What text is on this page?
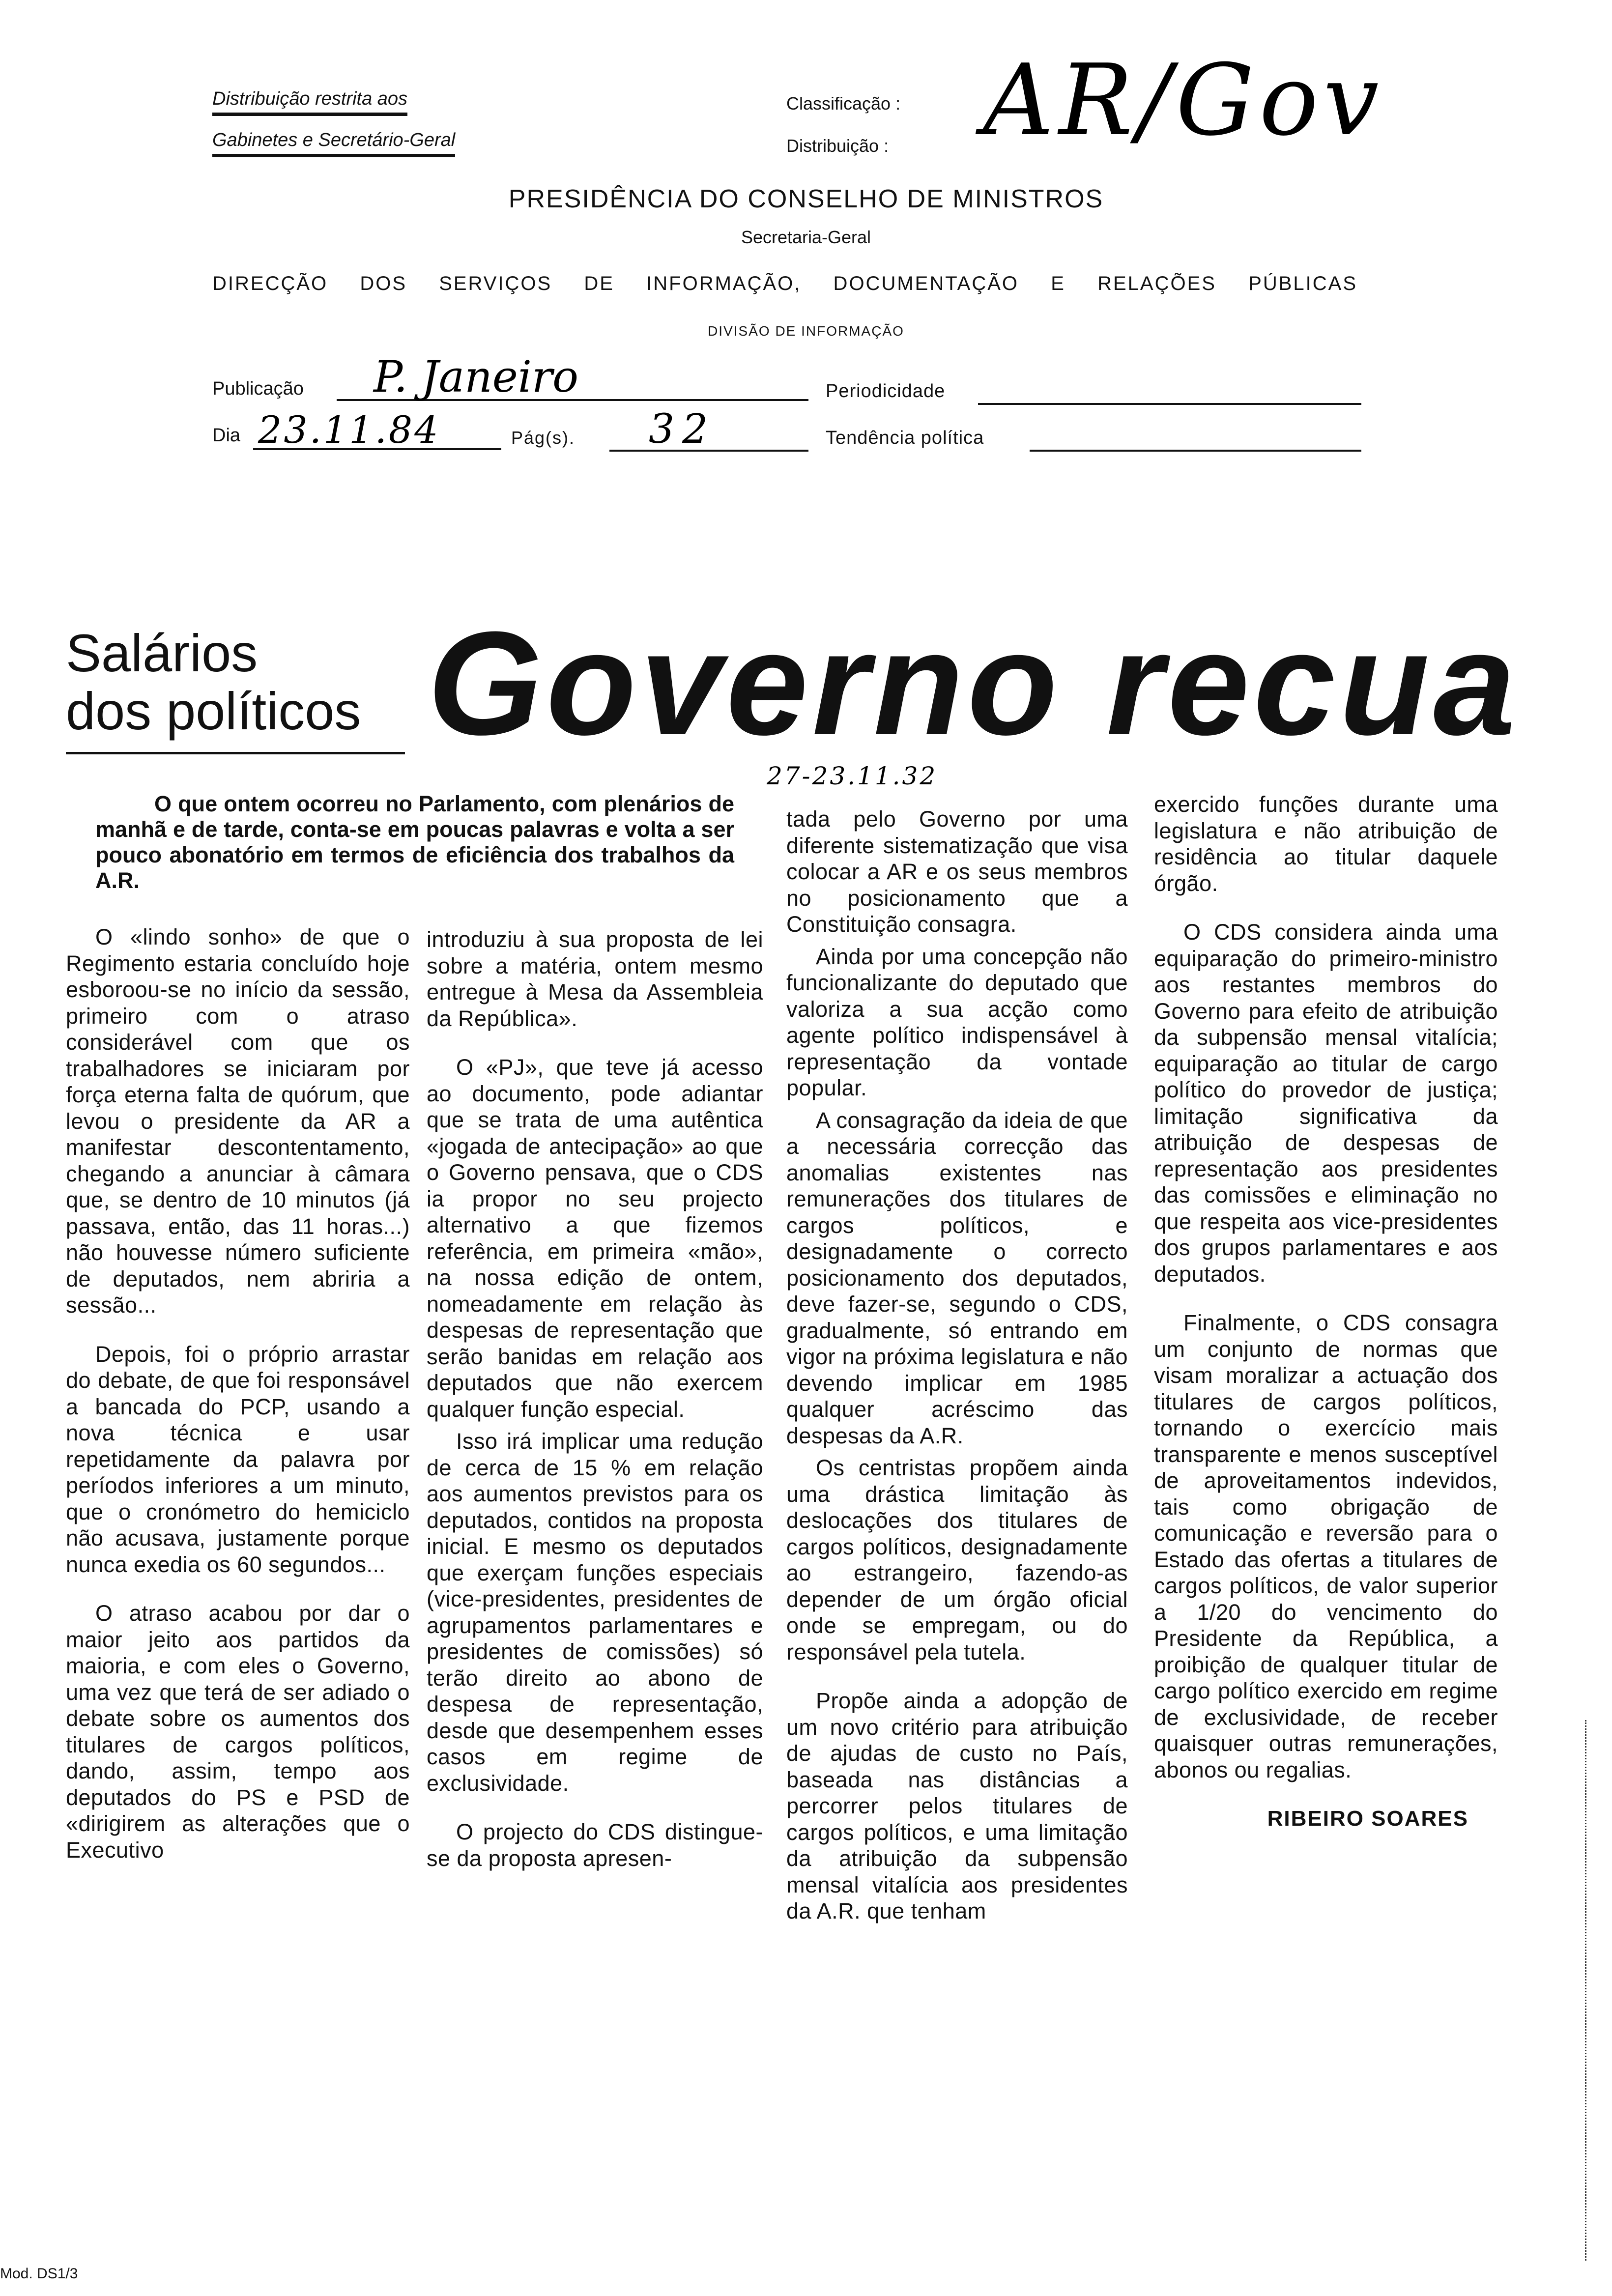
Distribuição restrita aos
Gabinetes e Secretário-Geral
Classificação : AR/Gov
Distribuição :
PRESIDÊNCIA DO CONSELHO DE MINISTROS
Secretaria-Geral
DIRECÇÃO DOS SERVIÇOS DE INFORMAÇÃO, DOCUMENTAÇÃO E RELAÇÕES PÚBLICAS
DIVISÃO DE INFORMAÇÃO
Publicação P. Janeiro	Periodicidade
Dia 23.11.84	Pág(s). 32	Tendência política
Salários
dos políticos Governo recua
27-23.11.32
O que ontem ocorreu no Parlamento, com plenários de manhã e de tarde, conta-se em poucas palavras e volta a ser pouco abonatório em termos de eficiência dos trabalhos da A.R.

O «lindo sonho» de que o Regimento estaria concluído hoje esboroou-se no início da sessão, primeiro com o atraso considerável com que os trabalhadores se iniciaram por força eterna falta de quórum, que levou o presidente da AR a manifestar descontentamento, chegando a anunciar à câmara que, se dentro de 10 minutos (já passava, então, das 11 horas...) não houvesse número suficiente de deputados, nem abriria a sessão...

Depois, foi o próprio arrastar do debate, de que foi responsável a bancada do PCP, usando a nova técnica e usar repetidamente da palavra por períodos inferiores a um minuto, que o cronómetro do hemiciclo não acusava, justamente porque nunca exedia os 60 segundos...

O atraso acabou por dar o maior jeito aos partidos da maioria, e com eles o Governo, uma vez que terá de ser adiado o debate sobre os aumentos dos titulares de cargos políticos, dando, assim, tempo aos deputados do PS e PSD de «dirigirem as alterações que o Executivo

introduziu à sua proposta de lei sobre a matéria, ontem mesmo entregue à Mesa da Assembleia da República».

O «PJ», que teve já acesso ao documento, pode adiantar que se trata de uma autêntica «jogada de antecipação» ao que o Governo pensava, que o CDS ia propor no seu projecto alternativo a que fizemos referência, em primeira «mão», na nossa edição de ontem, nomeadamente em relação às despesas de representação que serão banidas em relação aos deputados que não exercem qualquer função especial.

Isso irá implicar uma redução de cerca de 15 % em relação aos aumentos previstos para os deputados, contidos na proposta inicial. E mesmo os deputados que exerçam funções especiais (vice-presidentes, presidentes de agrupamentos parlamentares e presidentes de comissões) só terão direito ao abono de despesa de representação, desde que desempenhem esses casos em regime de exclusividade.

O projecto do CDS distingue-se da proposta apresen-

tada pelo Governo por uma diferente sistematização que visa colocar a AR e os seus membros no posicionamento que a Constituição consagra.

Ainda por uma concepção não funcionalizante do deputado que valoriza a sua acção como agente político indispensável à representação da vontade popular.

A consagração da ideia de que a necessária correcção das anomalias existentes nas remunerações dos titulares de cargos políticos, e designadamente o correcto posicionamento dos deputados, deve fazer-se, segundo o CDS, gradualmente, só entrando em vigor na próxima legislatura e não devendo implicar em 1985 qualquer acréscimo das despesas da A.R.

Os centristas propõem ainda uma drástica limitação às deslocações dos titulares de cargos políticos, designadamente ao estrangeiro, fazendo-as depender de um órgão oficial onde se empregam, ou do responsável pela tutela.

Propõe ainda a adopção de um novo critério para atribuição de ajudas de custo no País, baseada nas distâncias a percorrer pelos titulares de cargos políticos, e uma limitação da atribuição da subpensão mensal vitalícia aos presidentes da A.R. que tenham

exercido funções durante uma legislatura e não atribuição de residência ao titular daquele órgão.

O CDS considera ainda uma equiparação do primeiro-ministro aos restantes membros do Governo para efeito de atribuição da subpensão mensal vitalícia; equiparação ao titular de cargo político do provedor de justiça; limitação significativa da atribuição de despesas de representação aos presidentes das comissões e eliminação no que respeita aos vice-presidentes dos grupos parlamentares e aos deputados.

Finalmente, o CDS consagra um conjunto de normas que visam moralizar a actuação dos titulares de cargos políticos, tornando o exercício mais transparente e menos susceptível de aproveitamentos indevidos, tais como obrigação de comunicação e reversão para o Estado das ofertas a titulares de cargos políticos, de valor superior a 1/20 do vencimento do Presidente da República, a proibição de qualquer titular de cargo político exercido em regime de exclusividade, de receber quaisquer outras remunerações, abonos ou regalias.

RIBEIRO SOARES
Mod. DS1/3
